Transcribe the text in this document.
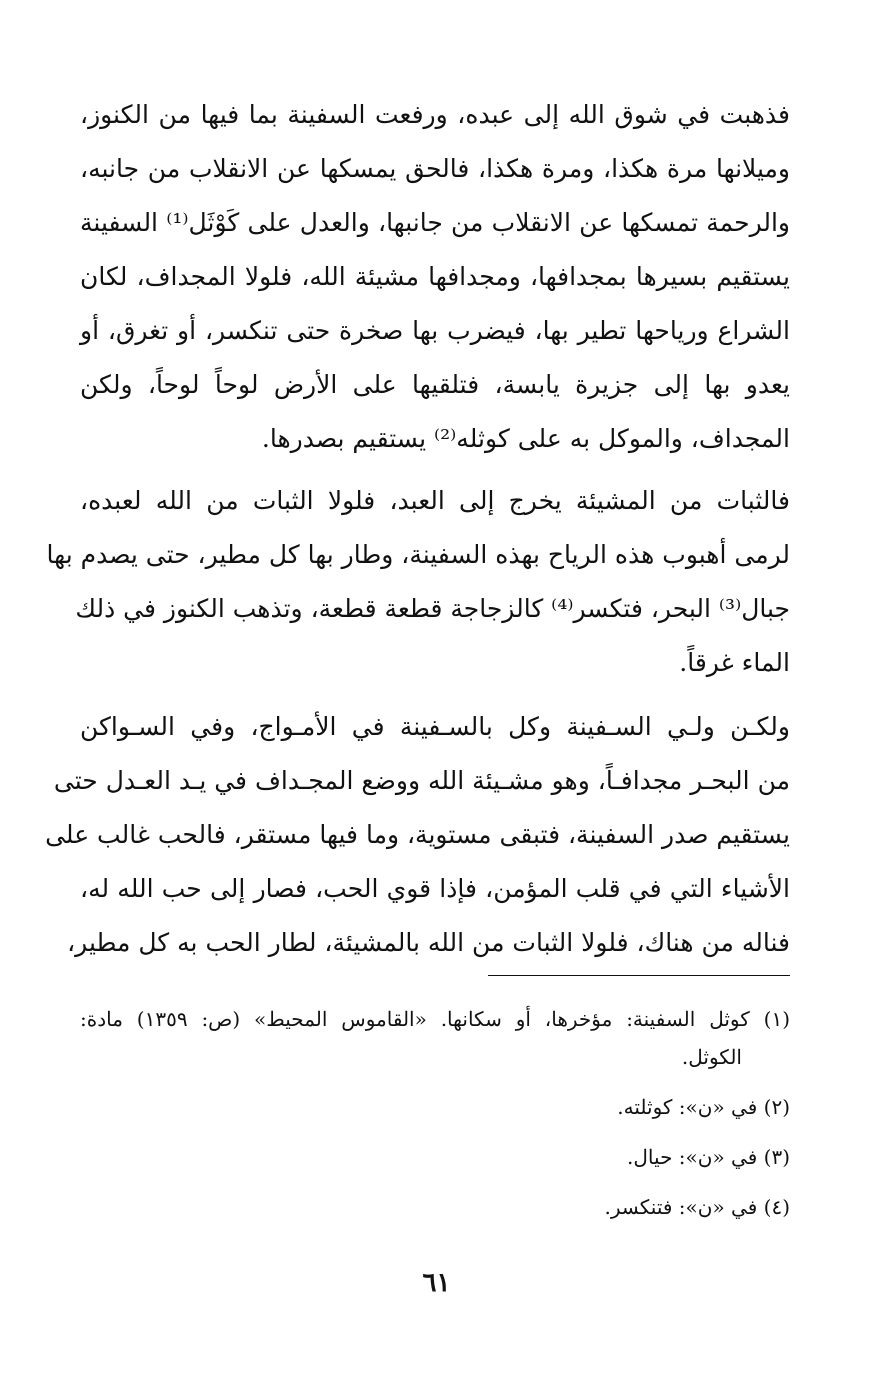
فذهبت في شوق الله إلى عبده، ورفعت السفينة بما فيها من الكنوز،
وميلانها مرة هكذا، ومرة هكذا، فالحق يمسكها عن الانقلاب من جانبه،
والرحمة تمسكها عن الانقلاب من جانبها، والعدل على كَوْثَل⁽¹⁾ السفينة
يستقيم بسيرها بمجدافها، ومجدافها مشيئة الله، فلولا المجداف، لكان
الشراع ورياحها تطير بها، فيضرب بها صخرة حتى تنكسر، أو تغرق، أو
يعدو بها إلى جزيرة يابسة، فتلقيها على الأرض لوحاً لوحاً، ولكن
المجداف، والموكل به على كوثله⁽²⁾ يستقيم بصدرها.

فالثبات من المشيئة يخرج إلى العبد، فلولا الثبات من الله لعبده،
لرمى أهبوب هذه الرياح بهذه السفينة، وطار بها كل مطير، حتى يصدم بها
جبال⁽³⁾ البحر، فتكسر⁽⁴⁾ كالزجاجة قطعة قطعة، وتذهب الكنوز في ذلك
الماء غرقاً.

ولكـن ولـي السـفينة وكل بالسـفينة في الأمـواج، وفي السـواكن
من البحـر مجدافـاً، وهو مشـيئة الله ووضع المجـداف في يـد العـدل حتى
يستقيم صدر السفينة، فتبقى مستوية، وما فيها مستقر، فالحب غالب على
الأشياء التي في قلب المؤمن، فإذا قوي الحب، فصار إلى حب الله له،
فناله من هناك، فلولا الثبات من الله بالمشيئة، لطار الحب به كل مطير،

(١) كوثل السفينة: مؤخرها، أو سكانها. «القاموس المحيط» (ص: ١٣٥٩) مادة:
الكوثل.
(٢) في «ن»: كوثلته.
(٣) في «ن»: حيال.
(٤) في «ن»: فتنكسر.
٦١
